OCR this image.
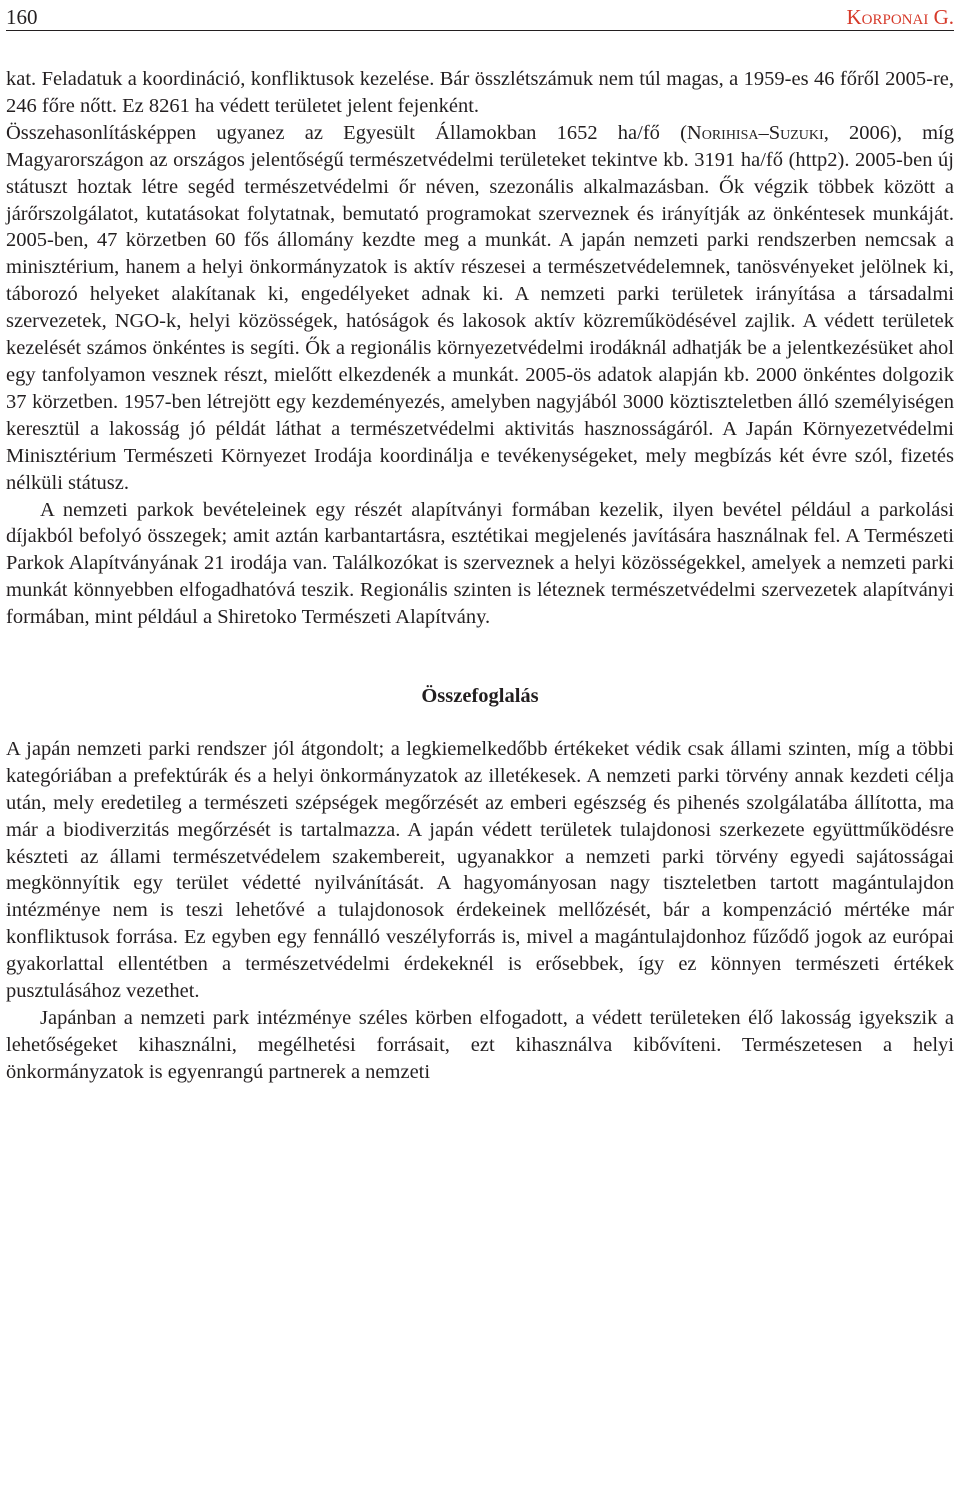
160	Korponai G.

kat. Feladatuk a koordináció, konfliktusok kezelése. Bár összlétszámuk nem túl magas, a 1959-es 46 főről 2005-re, 246 főre nőtt. Ez 8261 ha védett területet jelent fejenként.

Összehasonlításképpen ugyanez az Egyesült Államokban 1652 ha/fő (Norihisa–Suzuki, 2006), míg Magyarországon az országos jelentőségű természetvédelmi területeket tekintve kb. 3191 ha/fő (http2). 2005-ben új státuszt hoztak létre segéd természetvédelmi őr néven, szezonális alkalmazásban. Ők végzik többek között a járőrszolgálatot, kutatásokat folytatnak, bemutató programokat szerveznek és irányítják az önkéntesek munkáját. 2005-ben, 47 körzetben 60 fős állomány kezdte meg a munkát. A japán nemzeti parki rendszerben nemcsak a minisztérium, hanem a helyi önkormányzatok is aktív részesei a természetvédelemnek, tanösvényeket jelölnek ki, táborozó helyeket alakítanak ki, engedélyeket adnak ki. A nemzeti parki területek irányítása a társadalmi szervezetek, NGO-k, helyi közösségek, hatóságok és lakosok aktív közreműködésével zajlik. A védett területek kezelését számos önkéntes is segíti. Ők a regionális környezetvédelmi irodáknál adhatják be a jelentkezésüket ahol egy tanfolyamon vesznek részt, mielőtt elkezdenék a munkát. 2005-ös adatok alapján kb. 2000 önkéntes dolgozik 37 körzetben. 1957-ben létrejött egy kezdeményezés, amelyben nagyjából 3000 köztiszteletben álló személyiségen keresztül a lakosság jó példát láthat a természetvédelmi aktivitás hasznosságáról. A Japán Környezetvédelmi Minisztérium Természeti Környezet Irodája koordinálja e tevékenységeket, mely megbízás két évre szól, fizetés nélküli státusz.

A nemzeti parkok bevételeinek egy részét alapítványi formában kezelik, ilyen bevétel például a parkolási díjakból befolyó összegek; amit aztán karbantartásra, esztétikai megjelenés javítására használnak fel. A Természeti Parkok Alapítványának 21 irodája van. Találkozókat is szerveznek a helyi közösségekkel, amelyek a nemzeti parki munkát könnyebben elfogadhatóvá teszik. Regionális szinten is léteznek természetvédelmi szervezetek alapítványi formában, mint például a Shiretoko Természeti Alapítvány.

Összefoglalás

A japán nemzeti parki rendszer jól átgondolt; a legkiemelkedőbb értékeket védik csak állami szinten, míg a többi kategóriában a prefektúrák és a helyi önkormányzatok az illetékesek. A nemzeti parki törvény annak kezdeti célja után, mely eredetileg a természeti szépségek megőrzését az emberi egészség és pihenés szolgálatába állította, ma már a biodiverzitás megőrzését is tartalmazza. A japán védett területek tulajdonosi szerkezete együttműködésre készteti az állami természetvédelem szakembereit, ugyanakkor a nemzeti parki törvény egyedi sajátosságai megkönnyítik egy terület védetté nyilvánítását. A hagyományosan nagy tiszteletben tartott magántulajdon intézménye nem is teszi lehetővé a tulajdonosok érdekeinek mellőzését, bár a kompenzáció mértéke már konfliktusok forrása. Ez egyben egy fennálló veszélyforrás is, mivel a magántulajdonhoz fűződő jogok az európai gyakorlattal ellentétben a természetvédelmi érdekeknél is erősebbek, így ez könnyen természeti értékek pusztulásához vezethet.

Japánban a nemzeti park intézménye széles körben elfogadott, a védett területeken élő lakosság igyekszik a lehetőségeket kihasználni, megélhetési forrásait, ezt kihasználva kibővíteni. Természetesen a helyi önkormányzatok is egyenrangú partnerek a nemzeti
